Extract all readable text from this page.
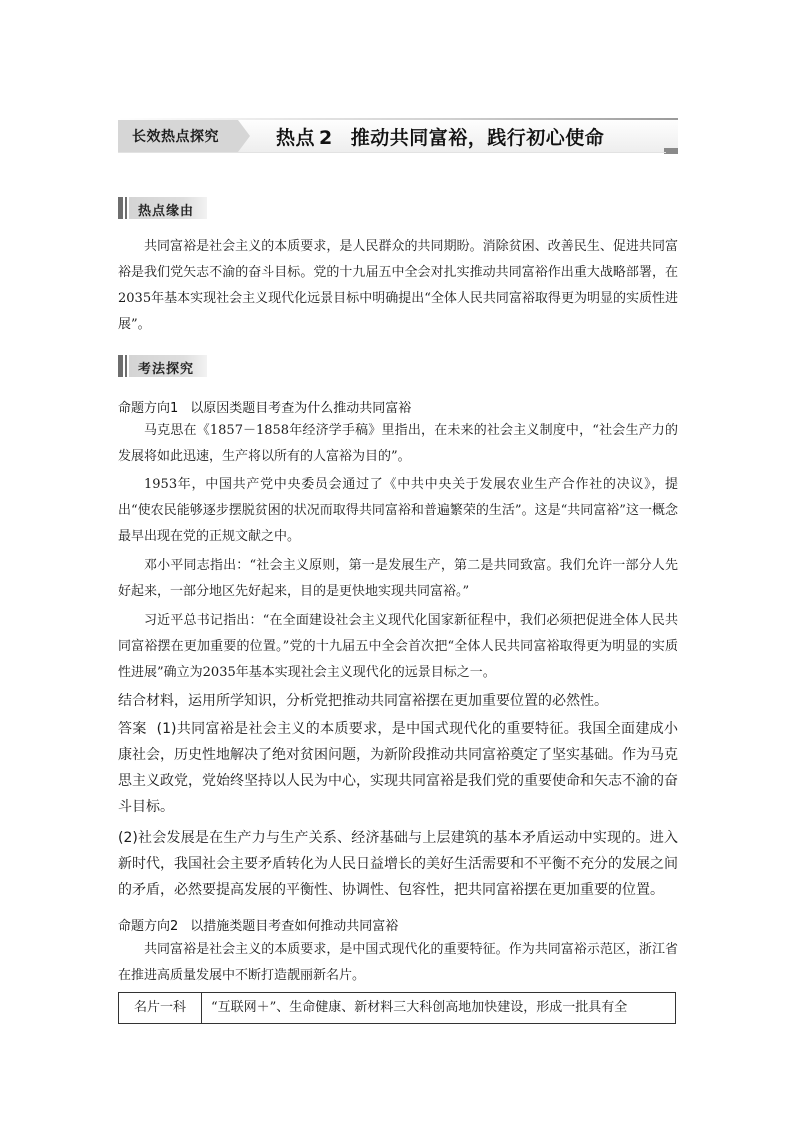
长效热点探究	热点 2 推动共同富裕，践行初心使命
热点缘由
共同富裕是社会主义的本质要求，是人民群众的共同期盼。消除贫困、改善民生、促进共同富裕是我们党矢志不渝的奋斗目标。党的十九届五中全会对扎实推动共同富裕作出重大战略部署，在2035年基本实现社会主义现代化远景目标中明确提出“全体人民共同富裕取得更为明显的实质性进展”。
考法探究
命题方向1 以原因类题目考查为什么推动共同富裕
马克思在《1857－1858年经济学手稿》里指出，在未来的社会主义制度中，“社会生产力的发展将如此迅速，生产将以所有的人富裕为目的”。
1953年，中国共产党中央委员会通过了《中共中央关于发展农业生产合作社的决议》，提出“使农民能够逐步摆脱贫困的状况而取得共同富裕和普遍繁荣的生活”。这是“共同富裕”这一概念最早出现在党的正规文献之中。
邓小平同志指出：“社会主义原则，第一是发展生产，第二是共同致富。我们允许一部分人先好起来，一部分地区先好起来，目的是更快地实现共同富裕。”
习近平总书记指出：“在全面建设社会主义现代化国家新征程中，我们必须把促进全体人民共同富裕摆在更加重要的位置。”党的十九届五中全会首次把“全体人民共同富裕取得更为明显的实质性进展”确立为2035年基本实现社会主义现代化的远景目标之一。
结合材料，运用所学知识，分析党把推动共同富裕摆在更加重要位置的必然性。
答案 (1)共同富裕是社会主义的本质要求，是中国式现代化的重要特征。我国全面建成小康社会，历史性地解决了绝对贫困问题，为新阶段推动共同富裕奠定了坚实基础。作为马克思主义政党，党始终坚持以人民为中心，实现共同富裕是我们党的重要使命和矢志不渝的奋斗目标。
(2)社会发展是在生产力与生产关系、经济基础与上层建筑的基本矛盾运动中实现的。进入新时代，我国社会主要矛盾转化为人民日益增长的美好生活需要和不平衡不充分的发展之间的矛盾，必然要提高发展的平衡性、协调性、包容性，把共同富裕摆在更加重要的位置。
命题方向2 以措施类题目考查如何推动共同富裕
共同富裕是社会主义的本质要求，是中国式现代化的重要特征。作为共同富裕示范区，浙江省在推进高质量发展中不断打造靓丽新名片。
名片一科	“互联网＋”、生命健康、新材料三大科创高地加快建设，形成一批具有全
